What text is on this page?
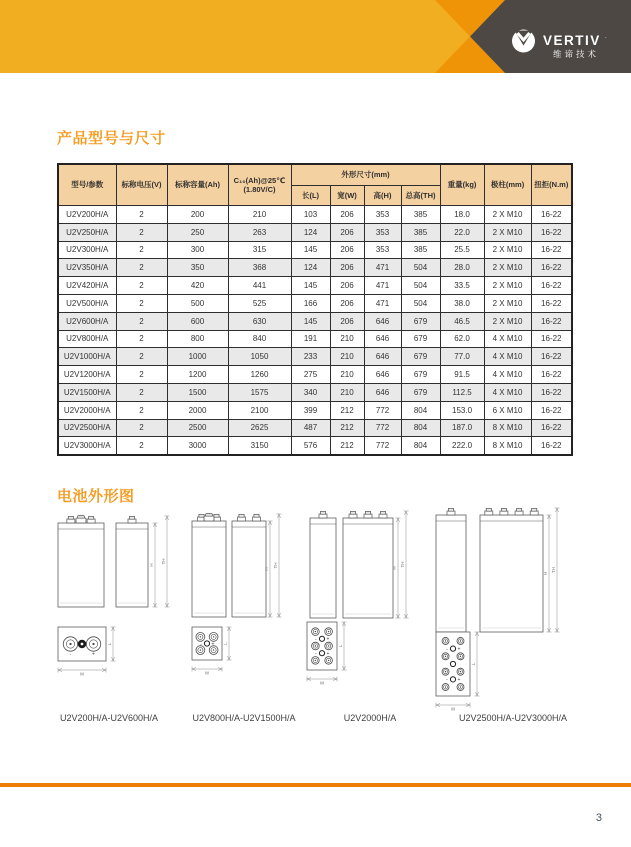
VERTIV .
维谛技术
产品型号与尺寸
型号/参数	标称电压(V)	标称容量(Ah)	C₁₀(Ah)@25℃
(1.80V/C)	外形尺寸(mm)				重量(kg)	极柱(mm)	扭拒(N.m)
				长(L)	宽(W)	高(H)	总高(TH)			
U2V200H/A	2	200	210	103	206	353	385	18.0	2 X M10	16-22
U2V250H/A	2	250	263	124	206	353	385	22.0	2 X M10	16-22
U2V300H/A	2	300	315	145	206	353	385	25.5	2 X M10	16-22
U2V350H/A	2	350	368	124	206	471	504	28.0	2 X M10	16-22
U2V420H/A	2	420	441	145	206	471	504	33.5	2 X M10	16-22
U2V500H/A	2	500	525	166	206	471	504	38.0	2 X M10	16-22
U2V600H/A	2	600	630	145	206	646	679	46.5	2 X M10	16-22
U2V800H/A	2	800	840	191	210	646	679	62.0	4 X M10	16-22
U2V1000H/A	2	1000	1050	233	210	646	679	77.0	4 X M10	16-22
U2V1200H/A	2	1200	1260	275	210	646	679	91.5	4 X M10	16-22
U2V1500H/A	2	1500	1575	340	210	646	679	112.5	4 X M10	16-22
U2V2000H/A	2	2000	2100	399	212	772	804	153.0	6 X M10	16-22
U2V2500H/A	2	2500	2625	487	212	772	804	187.0	8 X M10	16-22
U2V3000H/A	2	3000	3150	576	212	772	804	222.0	8 X M10	16-22
电池外形图
H
TH
-	+
L
W
U2V200H/A-U2V600H/A
H
TH
- + L
W
U2V800H/A-U2V1500H/A
H
TH
- +
- +
L
W
U2V2000H/A
H
TH
- +
- +
L
W
U2V2500H/A-U2V3000H/A
3
